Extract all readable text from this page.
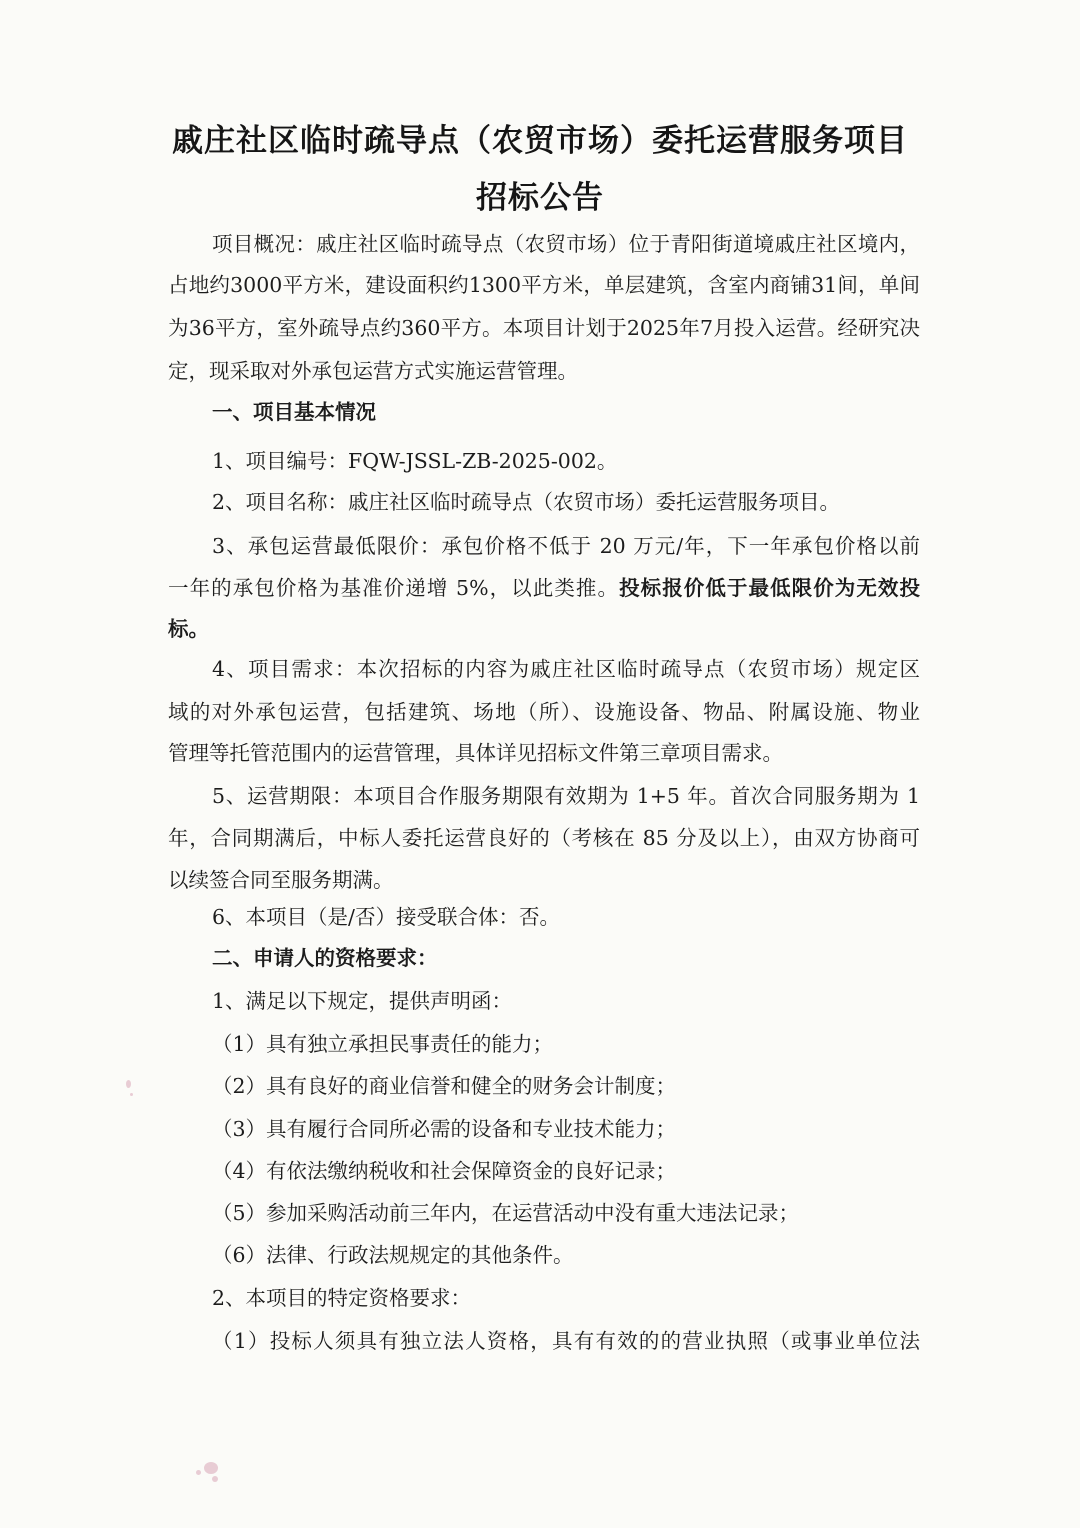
戚庄社区临时疏导点（农贸市场）委托运营服务项目
招标公告
项目概况：戚庄社区临时疏导点（农贸市场）位于青阳街道境戚庄社区境内，
占地约3000平方米，建设面积约1300平方米，单层建筑，含室内商铺31间，单间
为36平方，室外疏导点约360平方。本项目计划于2025年7月投入运营。经研究决
定，现采取对外承包运营方式实施运营管理。
一、项目基本情况
1、项目编号：FQW-JSSL-ZB-2025-002。
2、项目名称：戚庄社区临时疏导点（农贸市场）委托运营服务项目。
3、承包运营最低限价：承包价格不低于 20 万元/年，下一年承包价格以前
一年的承包价格为基准价递增 5%，以此类推。投标报价低于最低限价为无效投
标。
4、项目需求：本次招标的内容为戚庄社区临时疏导点（农贸市场）规定区
域的对外承包运营，包括建筑、场地（所）、设施设备、物品、附属设施、物业
管理等托管范围内的运营管理，具体详见招标文件第三章项目需求。
5、运营期限：本项目合作服务期限有效期为 1+5 年。首次合同服务期为 1
年，合同期满后，中标人委托运营良好的（考核在 85 分及以上），由双方协商可
以续签合同至服务期满。
6、本项目（是/否）接受联合体：否。
二、申请人的资格要求：
1、满足以下规定，提供声明函：
（1）具有独立承担民事责任的能力；
（2）具有良好的商业信誉和健全的财务会计制度；
（3）具有履行合同所必需的设备和专业技术能力；
（4）有依法缴纳税收和社会保障资金的良好记录；
（5）参加采购活动前三年内，在运营活动中没有重大违法记录；
（6）法律、行政法规规定的其他条件。
2、本项目的特定资格要求：
（1）投标人须具有独立法人资格，具有有效的的营业执照（或事业单位法
